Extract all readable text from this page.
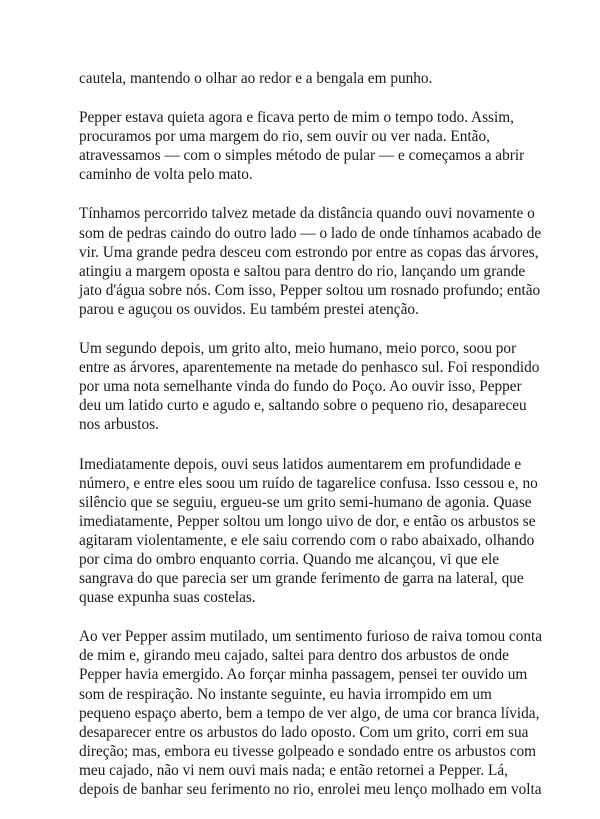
cautela, mantendo o olhar ao redor e a bengala em punho.

Pepper estava quieta agora e ficava perto de mim o tempo todo. Assim,
procuramos por uma margem do rio, sem ouvir ou ver nada. Então,
atravessamos — com o simples método de pular — e começamos a abrir
caminho de volta pelo mato.

Tínhamos percorrido talvez metade da distância quando ouvi novamente o
som de pedras caindo do outro lado — o lado de onde tínhamos acabado de
vir. Uma grande pedra desceu com estrondo por entre as copas das árvores,
atingiu a margem oposta e saltou para dentro do rio, lançando um grande
jato d'água sobre nós. Com isso, Pepper soltou um rosnado profundo; então
parou e aguçou os ouvidos. Eu também prestei atenção.

Um segundo depois, um grito alto, meio humano, meio porco, soou por
entre as árvores, aparentemente na metade do penhasco sul. Foi respondido
por uma nota semelhante vinda do fundo do Poço. Ao ouvir isso, Pepper
deu um latido curto e agudo e, saltando sobre o pequeno rio, desapareceu
nos arbustos.

Imediatamente depois, ouvi seus latidos aumentarem em profundidade e
número, e entre eles soou um ruído de tagarelice confusa. Isso cessou e, no
silêncio que se seguiu, ergueu-se um grito semi-humano de agonia. Quase
imediatamente, Pepper soltou um longo uivo de dor, e então os arbustos se
agitaram violentamente, e ele saiu correndo com o rabo abaixado, olhando
por cima do ombro enquanto corria. Quando me alcançou, vi que ele
sangrava do que parecia ser um grande ferimento de garra na lateral, que
quase expunha suas costelas.

Ao ver Pepper assim mutilado, um sentimento furioso de raiva tomou conta
de mim e, girando meu cajado, saltei para dentro dos arbustos de onde
Pepper havia emergido. Ao forçar minha passagem, pensei ter ouvido um
som de respiração. No instante seguinte, eu havia irrompido em um
pequeno espaço aberto, bem a tempo de ver algo, de uma cor branca lívida,
desaparecer entre os arbustos do lado oposto. Com um grito, corri em sua
direção; mas, embora eu tivesse golpeado e sondado entre os arbustos com
meu cajado, não vi nem ouvi mais nada; e então retornei a Pepper. Lá,
depois de banhar seu ferimento no rio, enrolei meu lenço molhado em volta
